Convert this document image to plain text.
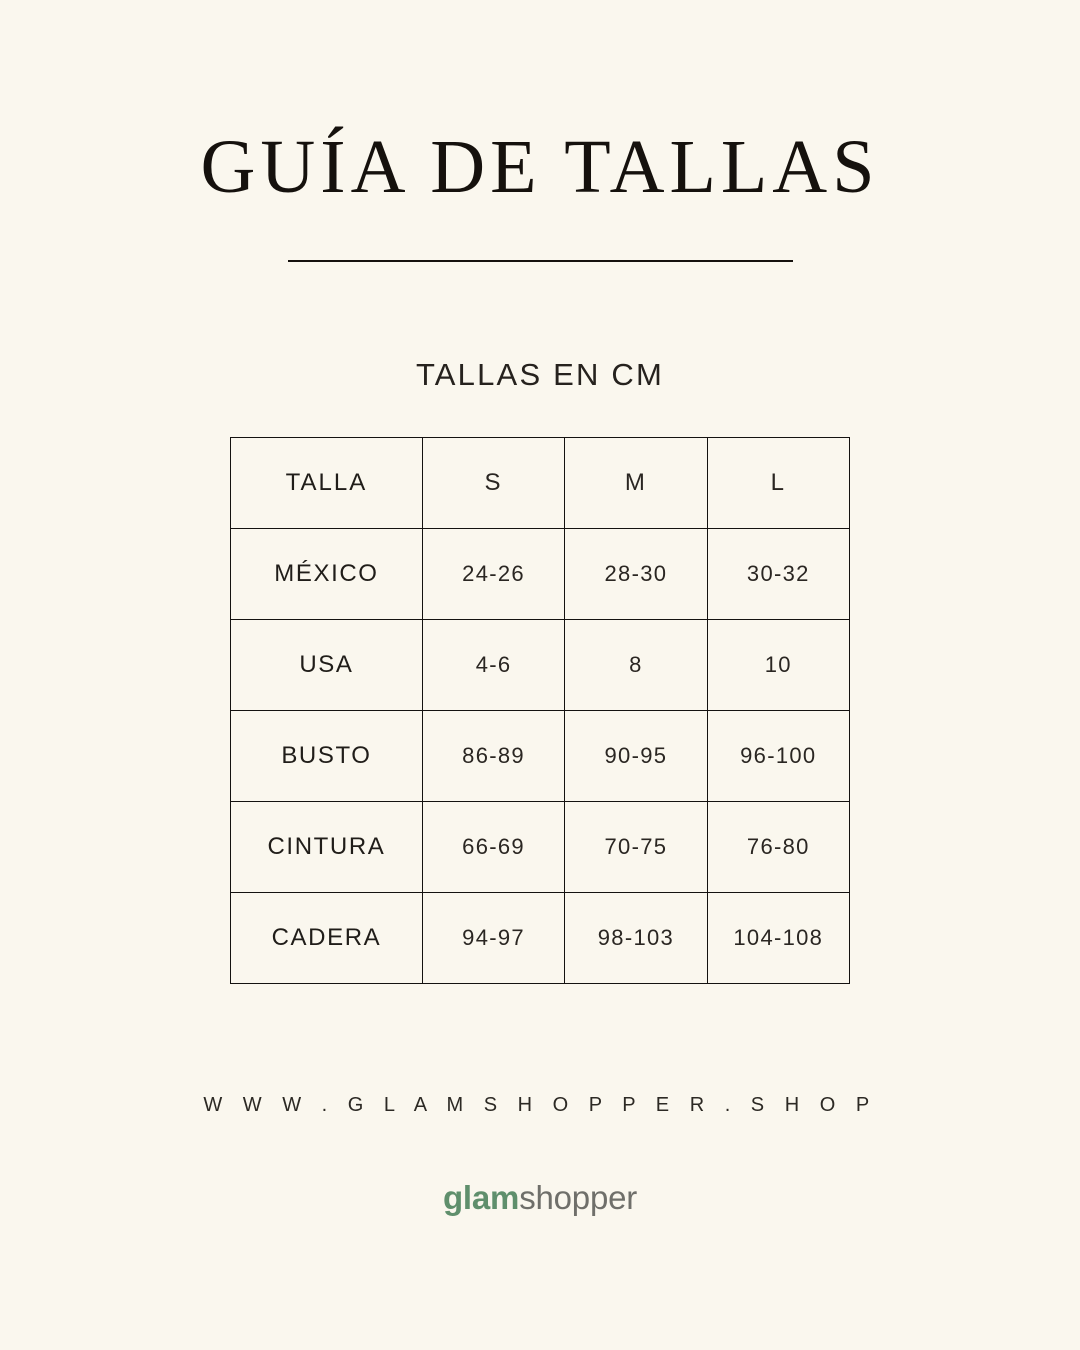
GUÍA DE TALLAS
TALLAS EN CM
TALLA	S	M	L
MÉXICO	24-26	28-30	30-32
USA	4-6	8	10
BUSTO	86-89	90-95	96-100
CINTURA	66-69	70-75	76-80
CADERA	94-97	98-103	104-108
W W W . G L A M S H O P P E R . S H O P
glamshopper
